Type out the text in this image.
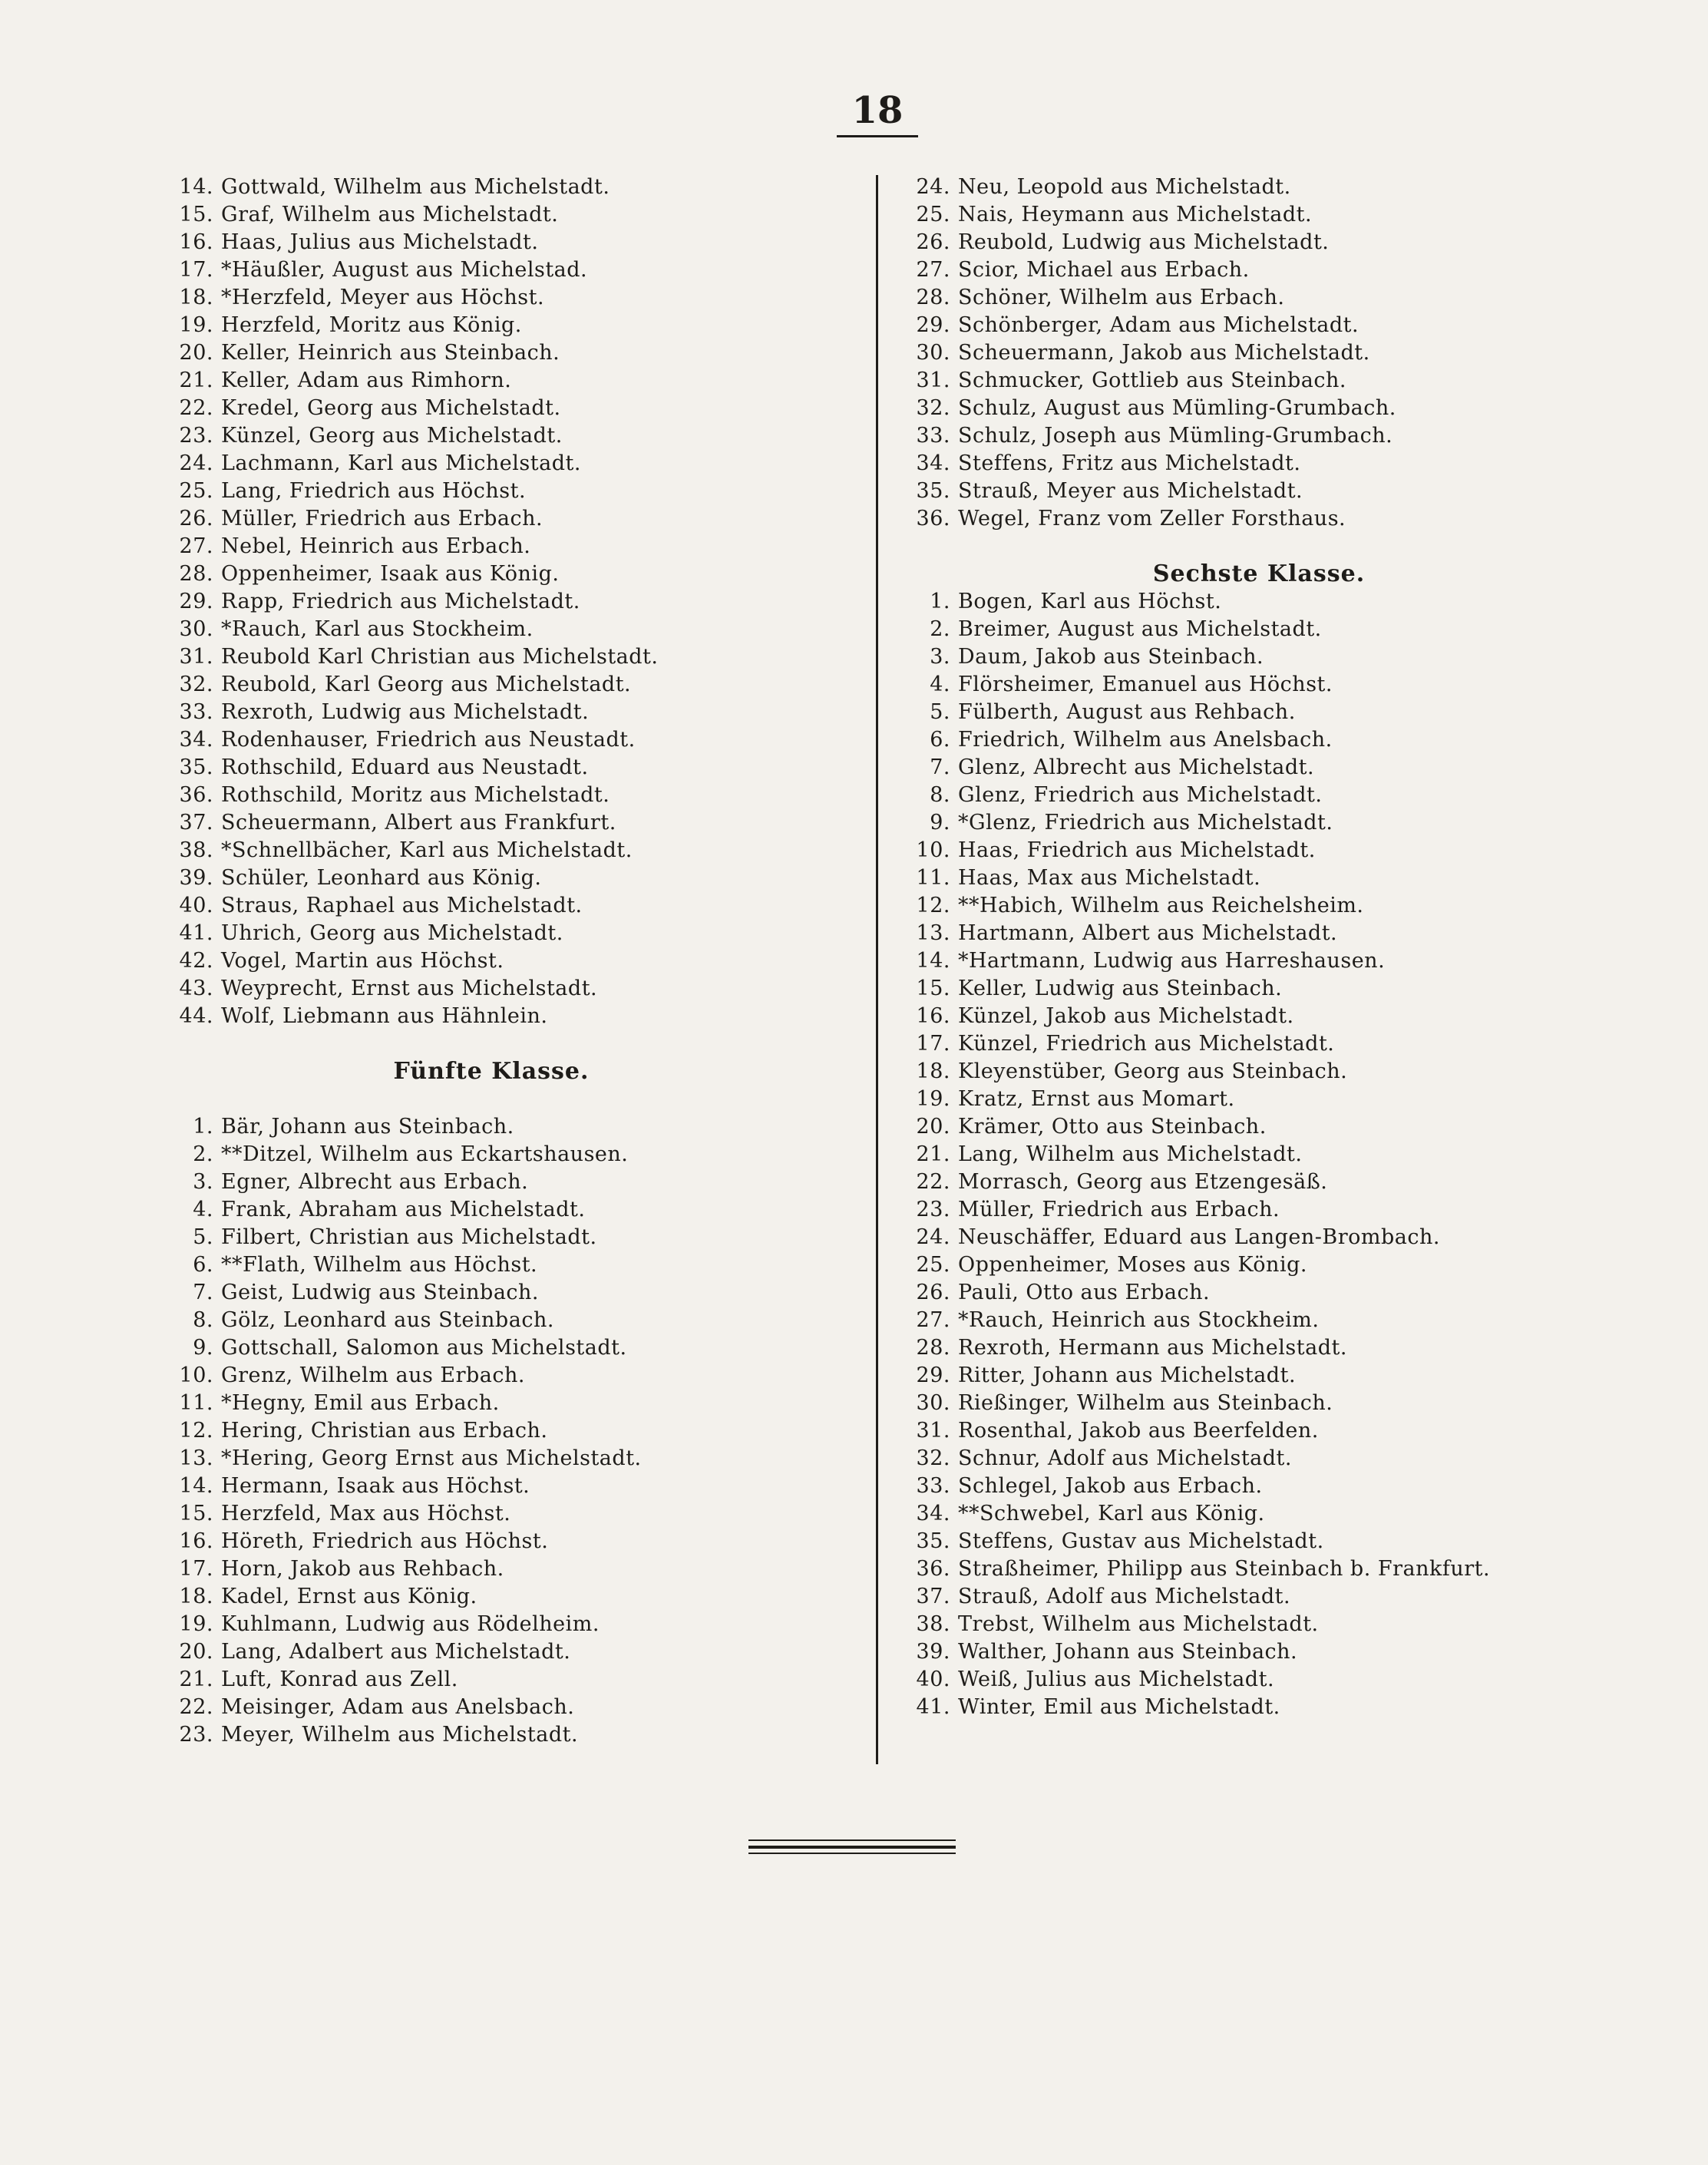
18
14. Gottwald, Wilhelm aus Michelstadt.
15. Graf, Wilhelm aus Michelstadt.
16. Haas, Julius aus Michelstadt.
17. *Häußler, August aus Michelstad.
18. *Herzfeld, Meyer aus Höchst.
19. Herzfeld, Moritz aus König.
20. Keller, Heinrich aus Steinbach.
21. Keller, Adam aus Rimhorn.
22. Kredel, Georg aus Michelstadt.
23. Künzel, Georg aus Michelstadt.
24. Lachmann, Karl aus Michelstadt.
25. Lang, Friedrich aus Höchst.
26. Müller, Friedrich aus Erbach.
27. Nebel, Heinrich aus Erbach.
28. Oppenheimer, Isaak aus König.
29. Rapp, Friedrich aus Michelstadt.
30. *Rauch, Karl aus Stockheim.
31. Reubold Karl Christian aus Michelstadt.
32. Reubold, Karl Georg aus Michelstadt.
33. Rexroth, Ludwig aus Michelstadt.
34. Rodenhauser, Friedrich aus Neustadt.
35. Rothschild, Eduard aus Neustadt.
36. Rothschild, Moritz aus Michelstadt.
37. Scheuermann, Albert aus Frankfurt.
38. *Schnellbächer, Karl aus Michelstadt.
39. Schüler, Leonhard aus König.
40. Straus, Raphael aus Michelstadt.
41. Uhrich, Georg aus Michelstadt.
42. Vogel, Martin aus Höchst.
43. Weyprecht, Ernst aus Michelstadt.
44. Wolf, Liebmann aus Hähnlein.
Fünfte Klasse.
1. Bär, Johann aus Steinbach.
2. **Ditzel, Wilhelm aus Eckartshausen.
3. Egner, Albrecht aus Erbach.
4. Frank, Abraham aus Michelstadt.
5. Filbert, Christian aus Michelstadt.
6. **Flath, Wilhelm aus Höchst.
7. Geist, Ludwig aus Steinbach.
8. Gölz, Leonhard aus Steinbach.
9. Gottschall, Salomon aus Michelstadt.
10. Grenz, Wilhelm aus Erbach.
11. *Hegny, Emil aus Erbach.
12. Hering, Christian aus Erbach.
13. *Hering, Georg Ernst aus Michelstadt.
14. Hermann, Isaak aus Höchst.
15. Herzfeld, Max aus Höchst.
16. Höreth, Friedrich aus Höchst.
17. Horn, Jakob aus Rehbach.
18. Kadel, Ernst aus König.
19. Kuhlmann, Ludwig aus Rödelheim.
20. Lang, Adalbert aus Michelstadt.
21. Luft, Konrad aus Zell.
22. Meisinger, Adam aus Anelsbach.
23. Meyer, Wilhelm aus Michelstadt.
24. Neu, Leopold aus Michelstadt.
25. Nais, Heymann aus Michelstadt.
26. Reubold, Ludwig aus Michelstadt.
27. Scior, Michael aus Erbach.
28. Schöner, Wilhelm aus Erbach.
29. Schönberger, Adam aus Michelstadt.
30. Scheuermann, Jakob aus Michelstadt.
31. Schmucker, Gottlieb aus Steinbach.
32. Schulz, August aus Mümling-Grumbach.
33. Schulz, Joseph aus Mümling-Grumbach.
34. Steffens, Fritz aus Michelstadt.
35. Strauß, Meyer aus Michelstadt.
36. Wegel, Franz vom Zeller Forsthaus.
Sechste Klasse.
1. Bogen, Karl aus Höchst.
2. Breimer, August aus Michelstadt.
3. Daum, Jakob aus Steinbach.
4. Flörsheimer, Emanuel aus Höchst.
5. Fülberth, August aus Rehbach.
6. Friedrich, Wilhelm aus Anelsbach.
7. Glenz, Albrecht aus Michelstadt.
8. Glenz, Friedrich aus Michelstadt.
9. *Glenz, Friedrich aus Michelstadt.
10. Haas, Friedrich aus Michelstadt.
11. Haas, Max aus Michelstadt.
12. **Habich, Wilhelm aus Reichelsheim.
13. Hartmann, Albert aus Michelstadt.
14. *Hartmann, Ludwig aus Harreshausen.
15. Keller, Ludwig aus Steinbach.
16. Künzel, Jakob aus Michelstadt.
17. Künzel, Friedrich aus Michelstadt.
18. Kleyenstüber, Georg aus Steinbach.
19. Kratz, Ernst aus Momart.
20. Krämer, Otto aus Steinbach.
21. Lang, Wilhelm aus Michelstadt.
22. Morrasch, Georg aus Etzengesäß.
23. Müller, Friedrich aus Erbach.
24. Neuschäffer, Eduard aus Langen-Brombach.
25. Oppenheimer, Moses aus König.
26. Pauli, Otto aus Erbach.
27. *Rauch, Heinrich aus Stockheim.
28. Rexroth, Hermann aus Michelstadt.
29. Ritter, Johann aus Michelstadt.
30. Rießinger, Wilhelm aus Steinbach.
31. Rosenthal, Jakob aus Beerfelden.
32. Schnur, Adolf aus Michelstadt.
33. Schlegel, Jakob aus Erbach.
34. **Schwebel, Karl aus König.
35. Steffens, Gustav aus Michelstadt.
36. Straßheimer, Philipp aus Steinbach b. Frankfurt.
37. Strauß, Adolf aus Michelstadt.
38. Trebst, Wilhelm aus Michelstadt.
39. Walther, Johann aus Steinbach.
40. Weiß, Julius aus Michelstadt.
41. Winter, Emil aus Michelstadt.
